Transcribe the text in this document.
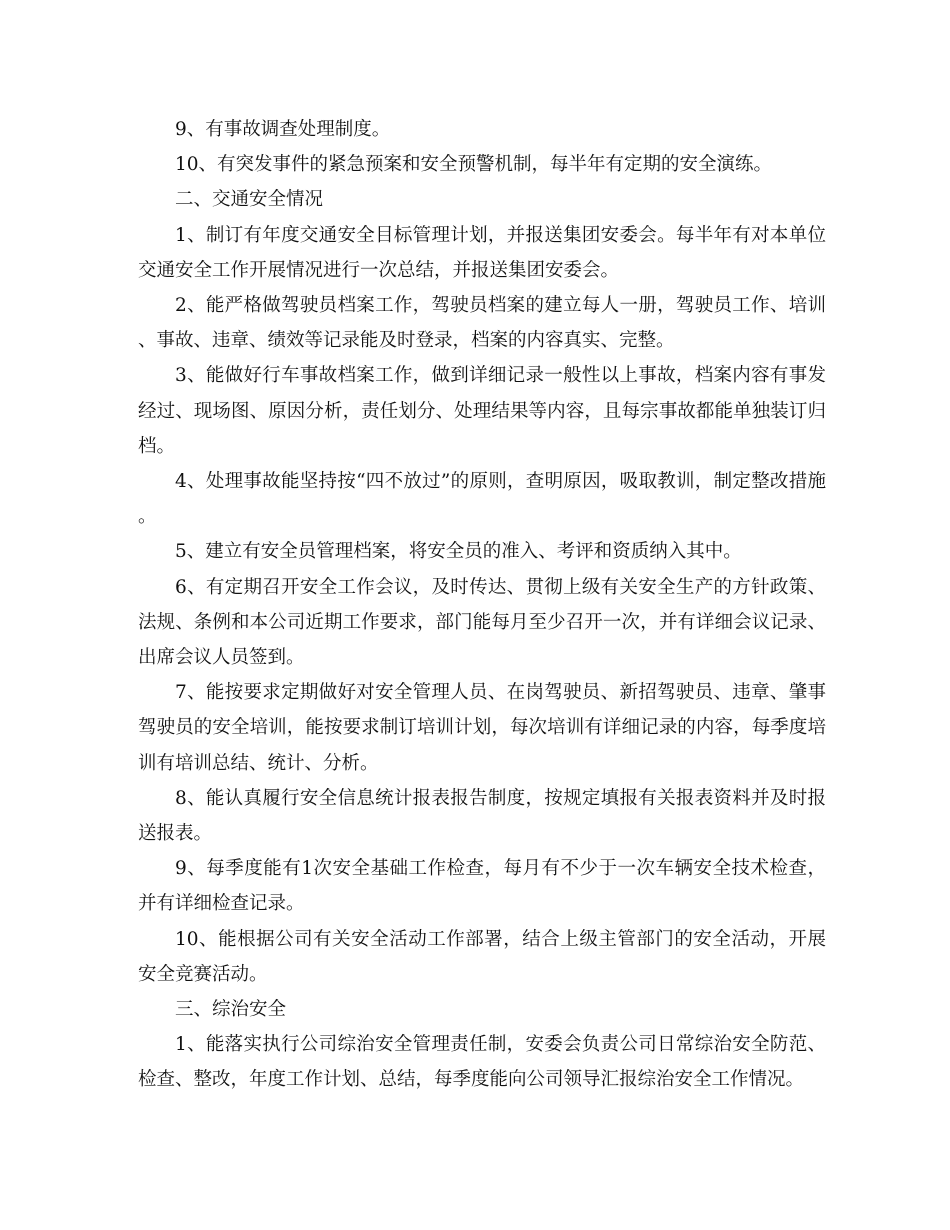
9、有事故调查处理制度。

10、有突发事件的紧急预案和安全预警机制，每半年有定期的安全演练。

二、交通安全情况

1、制订有年度交通安全目标管理计划，并报送集团安委会。每半年有对本单位交通安全工作开展情况进行一次总结，并报送集团安委会。

2、能严格做驾驶员档案工作，驾驶员档案的建立每人一册，驾驶员工作、培训、事故、违章、绩效等记录能及时登录，档案的内容真实、完整。

3、能做好行车事故档案工作，做到详细记录一般性以上事故，档案内容有事发经过、现场图、原因分析，责任划分、处理结果等内容，且每宗事故都能单独装订归档。

4、处理事故能坚持按“四不放过”的原则，查明原因，吸取教训，制定整改措施。

5、建立有安全员管理档案，将安全员的准入、考评和资质纳入其中。

6、有定期召开安全工作会议，及时传达、贯彻上级有关安全生产的方针政策、法规、条例和本公司近期工作要求，部门能每月至少召开一次，并有详细会议记录、出席会议人员签到。

7、能按要求定期做好对安全管理人员、在岗驾驶员、新招驾驶员、违章、肇事驾驶员的安全培训，能按要求制订培训计划，每次培训有详细记录的内容，每季度培训有培训总结、统计、分析。

8、能认真履行安全信息统计报表报告制度，按规定填报有关报表资料并及时报送报表。

9、每季度能有1次安全基础工作检查，每月有不少于一次车辆安全技术检查，并有详细检查记录。

10、能根据公司有关安全活动工作部署，结合上级主管部门的安全活动，开展安全竞赛活动。

三、综治安全

1、能落实执行公司综治安全管理责任制，安委会负责公司日常综治安全防范、检查、整改，年度工作计划、总结，每季度能向公司领导汇报综治安全工作情况。
